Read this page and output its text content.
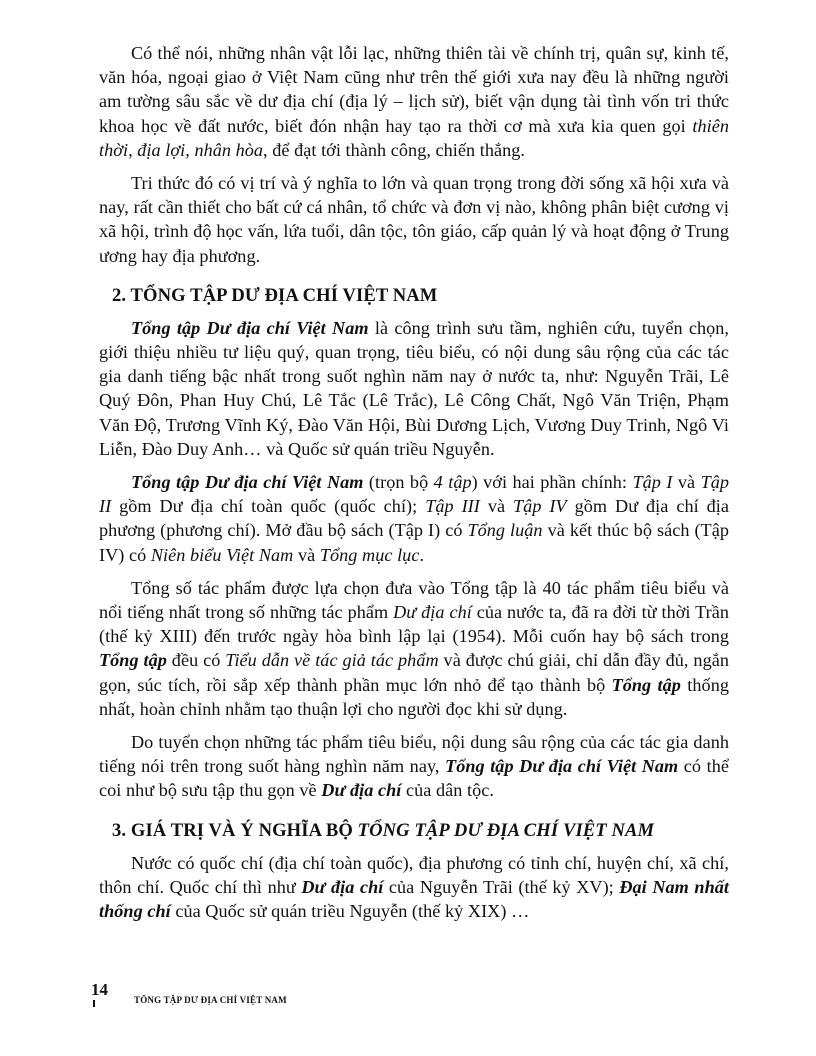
Có thể nói, những nhân vật lỗi lạc, những thiên tài về chính trị, quân sự, kinh tế, văn hóa, ngoại giao ở Việt Nam cũng như trên thế giới xưa nay đều là những người am tường sâu sắc về dư địa chí (địa lý – lịch sử), biết vận dụng tài tình vốn tri thức khoa học về đất nước, biết đón nhận hay tạo ra thời cơ mà xưa kia quen gọi thiên thời, địa lợi, nhân hòa, để đạt tới thành công, chiến thắng.

Tri thức đó có vị trí và ý nghĩa to lớn và quan trọng trong đời sống xã hội xưa và nay, rất cần thiết cho bất cứ cá nhân, tổ chức và đơn vị nào, không phân biệt cương vị xã hội, trình độ học vấn, lứa tuổi, dân tộc, tôn giáo, cấp quản lý và hoạt động ở Trung ương hay địa phương.

2. TỔNG TẬP DƯ ĐỊA CHÍ VIỆT NAM

Tổng tập Dư địa chí Việt Nam là công trình sưu tầm, nghiên cứu, tuyển chọn, giới thiệu nhiều tư liệu quý, quan trọng, tiêu biểu, có nội dung sâu rộng của các tác gia danh tiếng bậc nhất trong suốt nghìn năm nay ở nước ta, như: Nguyễn Trãi, Lê Quý Đôn, Phan Huy Chú, Lê Tắc (Lê Trắc), Lê Công Chất, Ngô Văn Triện, Phạm Văn Độ, Trương Vĩnh Ký, Đào Văn Hội, Bùi Dương Lịch, Vương Duy Trinh, Ngô Vi Liễn, Đào Duy Anh… và Quốc sử quán triều Nguyễn.

Tổng tập Dư địa chí Việt Nam (trọn bộ 4 tập) với hai phần chính: Tập I và Tập II gồm Dư địa chí toàn quốc (quốc chí); Tập III và Tập IV gồm Dư địa chí địa phương (phương chí). Mở đầu bộ sách (Tập I) có Tổng luận và kết thúc bộ sách (Tập IV) có Niên biểu Việt Nam và Tổng mục lục.

Tổng số tác phẩm được lựa chọn đưa vào Tổng tập là 40 tác phẩm tiêu biểu và nổi tiếng nhất trong số những tác phẩm Dư địa chí của nước ta, đã ra đời từ thời Trần (thế kỷ XIII) đến trước ngày hòa bình lập lại (1954). Mỗi cuốn hay bộ sách trong Tổng tập đều có Tiểu dẫn về tác giả tác phẩm và được chú giải, chỉ dẫn đầy đủ, ngắn gọn, súc tích, rồi sắp xếp thành phần mục lớn nhỏ để tạo thành bộ Tổng tập thống nhất, hoàn chỉnh nhằm tạo thuận lợi cho người đọc khi sử dụng.

Do tuyển chọn những tác phẩm tiêu biểu, nội dung sâu rộng của các tác gia danh tiếng nói trên trong suốt hàng nghìn năm nay, Tổng tập Dư địa chí Việt Nam có thể coi như bộ sưu tập thu gọn về Dư địa chí của dân tộc.

3. GIÁ TRỊ VÀ Ý NGHĨA BỘ TỔNG TẬP DƯ ĐỊA CHÍ VIỆT NAM

Nước có quốc chí (địa chí toàn quốc), địa phương có tỉnh chí, huyện chí, xã chí, thôn chí. Quốc chí thì như Dư địa chí của Nguyễn Trãi (thế kỷ XV); Đại Nam nhất thống chí của Quốc sử quán triều Nguyễn (thế kỷ XIX) …

14
TỔNG TẬP DƯ ĐỊA CHÍ VIỆT NAM
